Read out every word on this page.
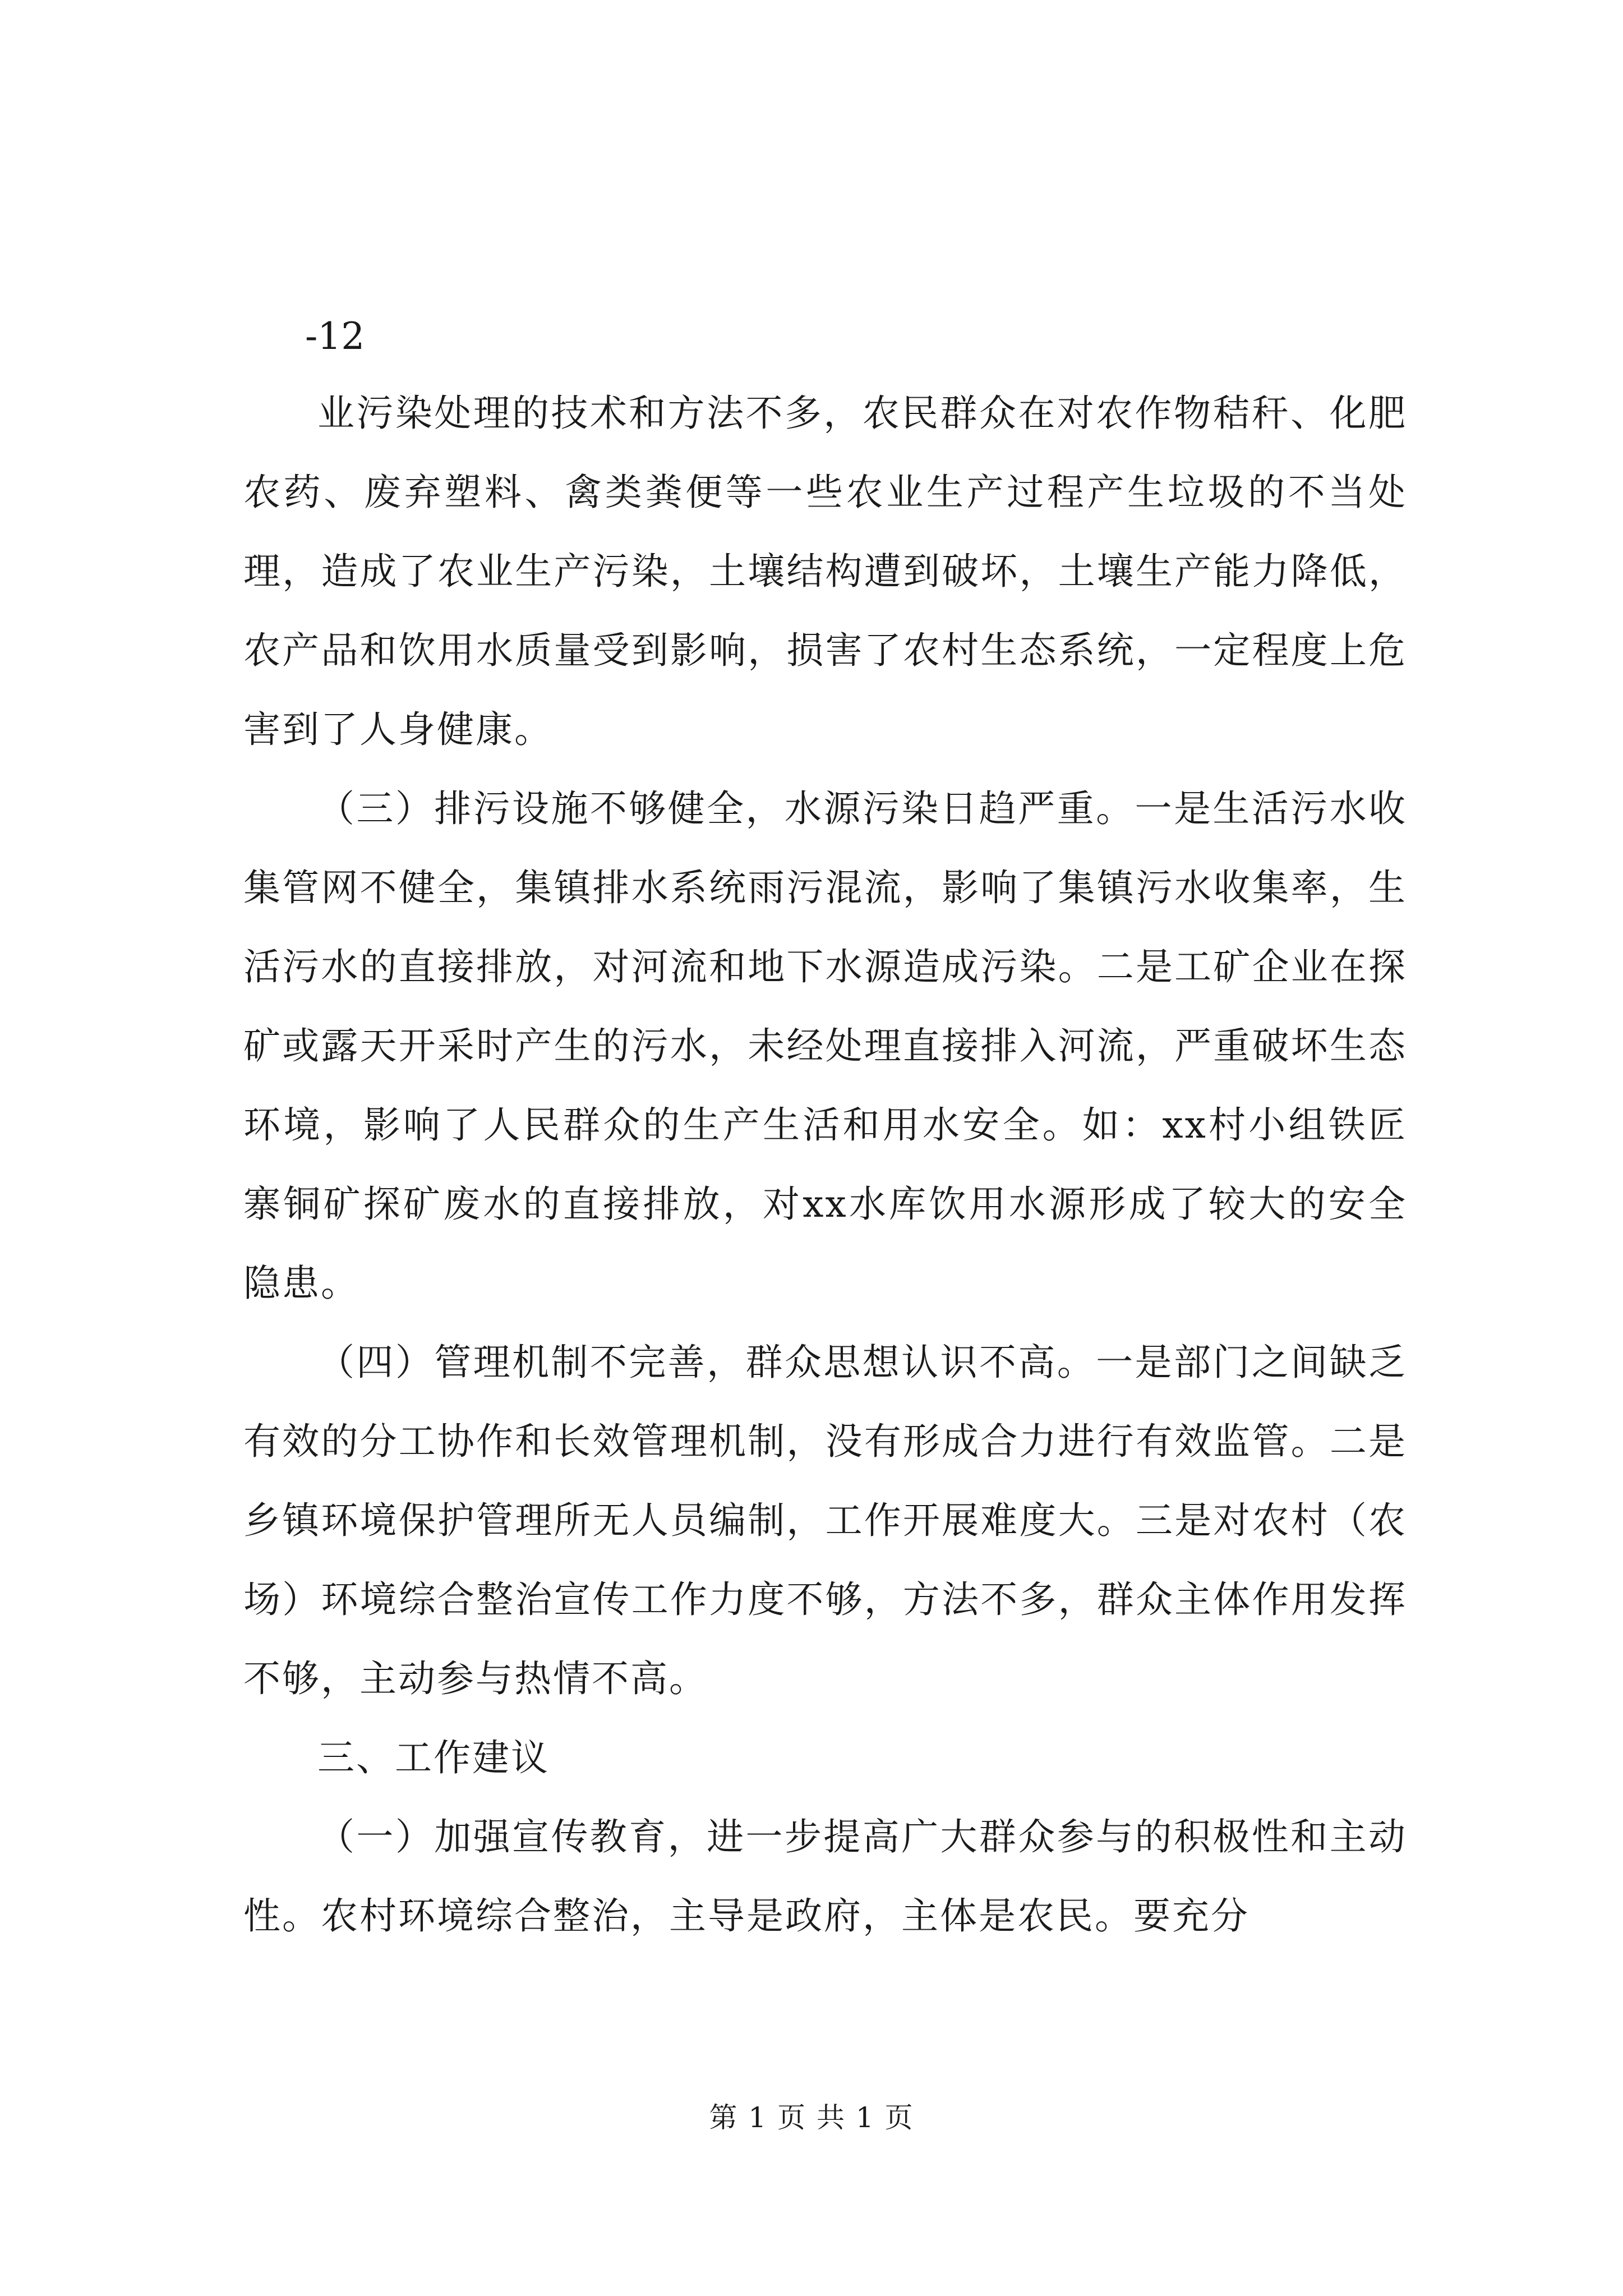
-12

业污染处理的技术和方法不多，农民群众在对农作物秸秆、化肥农药、废弃塑料、禽类粪便等一些农业生产过程产生垃圾的不当处理，造成了农业生产污染，土壤结构遭到破坏，土壤生产能力降低，农产品和饮用水质量受到影响，损害了农村生态系统，一定程度上危害到了人身健康。

（三）排污设施不够健全，水源污染日趋严重。一是生活污水收集管网不健全，集镇排水系统雨污混流，影响了集镇污水收集率，生活污水的直接排放，对河流和地下水源造成污染。二是工矿企业在探矿或露天开采时产生的污水，未经处理直接排入河流，严重破坏生态环境，影响了人民群众的生产生活和用水安全。如：xx村小组铁匠寨铜矿探矿废水的直接排放，对xx水库饮用水源形成了较大的安全隐患。

（四）管理机制不完善，群众思想认识不高。一是部门之间缺乏有效的分工协作和长效管理机制，没有形成合力进行有效监管。二是乡镇环境保护管理所无人员编制，工作开展难度大。三是对农村（农场）环境综合整治宣传工作力度不够，方法不多，群众主体作用发挥不够，主动参与热情不高。

三、工作建议

（一）加强宣传教育，进一步提高广大群众参与的积极性和主动性。农村环境综合整治，主导是政府，主体是农民。要充分

第 1 页 共 1 页
